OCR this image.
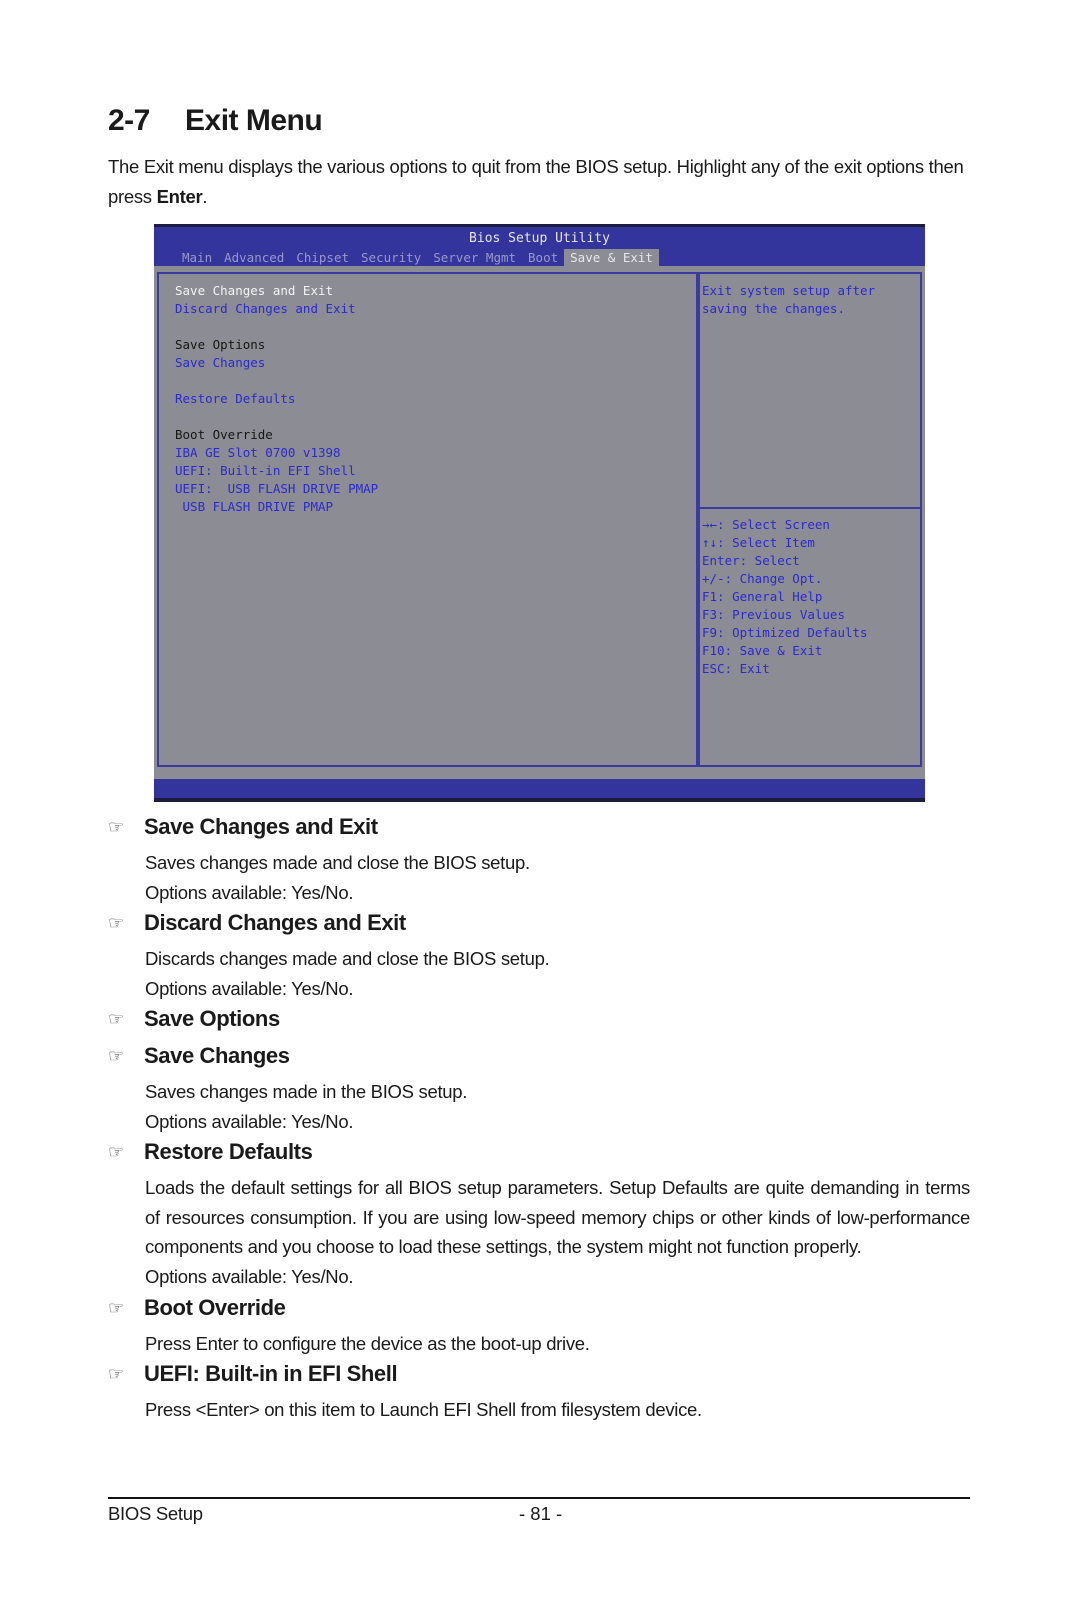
2-7 Exit Menu

The Exit menu displays the various options to quit from the BIOS setup. Highlight any of the exit options then press Enter.

Bios Setup Utility
Main Advanced Chipset Security Server Mgmt Boot Save & Exit
Save Changes and Exit
Discard Changes and Exit
Save Options
Save Changes
Restore Defaults
Boot Override
IBA GE Slot 0700 v1398
UEFI: Built-in EFI Shell
UEFI:  USB FLASH DRIVE PMAP
USB FLASH DRIVE PMAP
Exit system setup after
saving the changes.
→←: Select Screen
↑↓: Select Item
Enter: Select
+/-: Change Opt.
F1: General Help
F3: Previous Values
F9: Optimized Defaults
F10: Save & Exit
ESC: Exit
☞ Save Changes and Exit

Saves changes made and close the BIOS setup.
Options available: Yes/No.

☞ Discard Changes and Exit

Discards changes made and close the BIOS setup.
Options available: Yes/No.

☞ Save Options
☞ Save Changes

Saves changes made in the BIOS setup.
Options available: Yes/No.

☞ Restore Defaults

Loads the default settings for all BIOS setup parameters. Setup Defaults are quite demanding in terms of resources consumption. If you are using low-speed memory chips or other kinds of low-performance components and you choose to load these settings, the system might not function properly.
Options available: Yes/No.

☞ Boot Override

Press Enter to configure the device as the boot-up drive.

☞ UEFI: Built-in in EFI Shell

Press <Enter> on this item to Launch EFI Shell from filesystem device.

BIOS Setup	- 81 -
